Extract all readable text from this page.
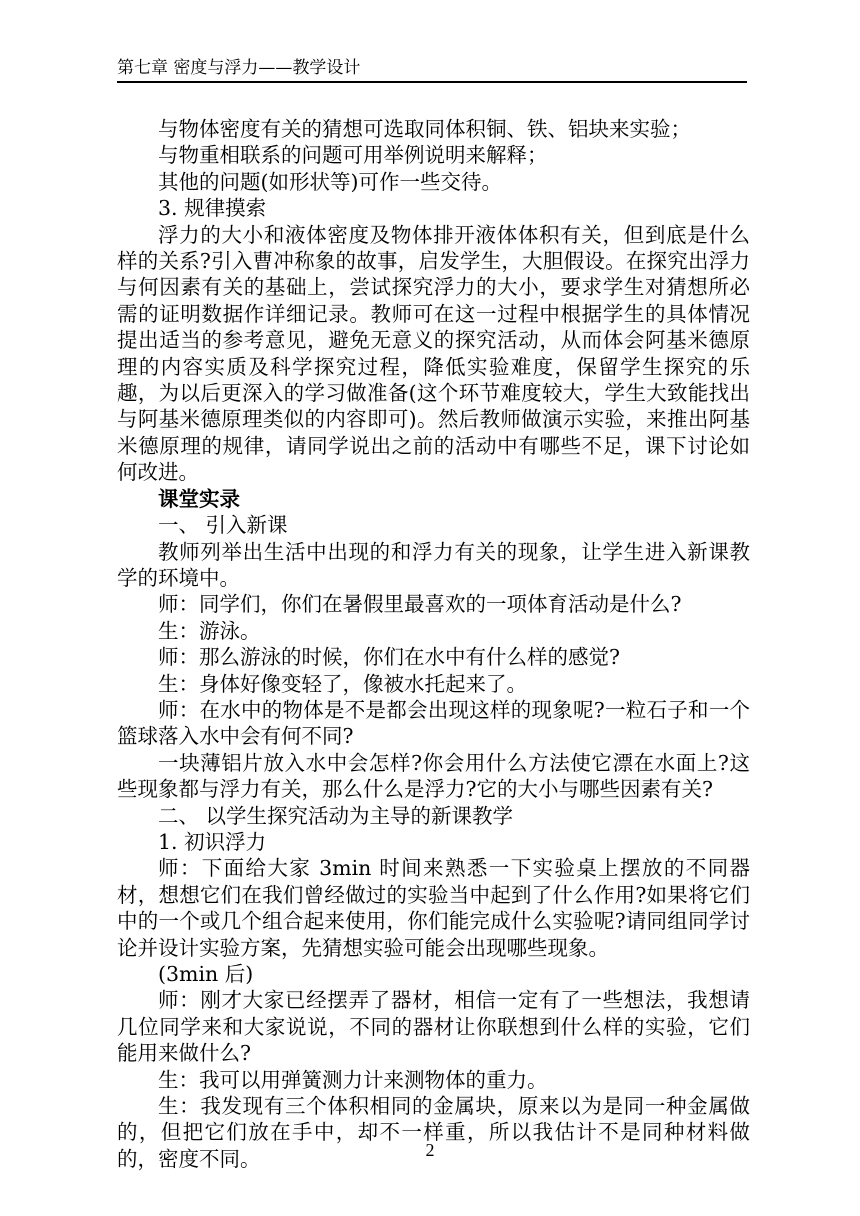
第七章 密度与浮力——教学设计

与物体密度有关的猜想可选取同体积铜、铁、铝块来实验；

与物重相联系的问题可用举例说明来解释；

其他的问题(如形状等)可作一些交待。

3. 规律摸索

浮力的大小和液体密度及物体排开液体体积有关，但到底是什么样的关系?引入曹冲称象的故事，启发学生，大胆假设。在探究出浮力与何因素有关的基础上，尝试探究浮力的大小，要求学生对猜想所必需的证明数据作详细记录。教师可在这一过程中根据学生的具体情况提出适当的参考意见，避免无意义的探究活动，从而体会阿基米德原理的内容实质及科学探究过程，降低实验难度，保留学生探究的乐趣，为以后更深入的学习做准备(这个环节难度较大，学生大致能找出与阿基米德原理类似的内容即可)。然后教师做演示实验，来推出阿基米德原理的规律，请同学说出之前的活动中有哪些不足，课下讨论如何改进。

课堂实录

一、 引入新课

教师列举出生活中出现的和浮力有关的现象，让学生进入新课教学的环境中。

师：同学们，你们在暑假里最喜欢的一项体育活动是什么?

生：游泳。

师：那么游泳的时候，你们在水中有什么样的感觉?

生：身体好像变轻了，像被水托起来了。

师：在水中的物体是不是都会出现这样的现象呢?一粒石子和一个篮球落入水中会有何不同?

一块薄铝片放入水中会怎样?你会用什么方法使它漂在水面上?这些现象都与浮力有关，那么什么是浮力?它的大小与哪些因素有关?

二、 以学生探究活动为主导的新课教学

1. 初识浮力

师：下面给大家 3min 时间来熟悉一下实验桌上摆放的不同器材，想想它们在我们曾经做过的实验当中起到了什么作用?如果将它们中的一个或几个组合起来使用，你们能完成什么实验呢?请同组同学讨论并设计实验方案，先猜想实验可能会出现哪些现象。

(3min 后)

师：刚才大家已经摆弄了器材，相信一定有了一些想法，我想请几位同学来和大家说说，不同的器材让你联想到什么样的实验，它们能用来做什么?

生：我可以用弹簧测力计来测物体的重力。

生：我发现有三个体积相同的金属块，原来以为是同一种金属做的，但把它们放在手中，却不一样重，所以我估计不是同种材料做的，密度不同。	2
